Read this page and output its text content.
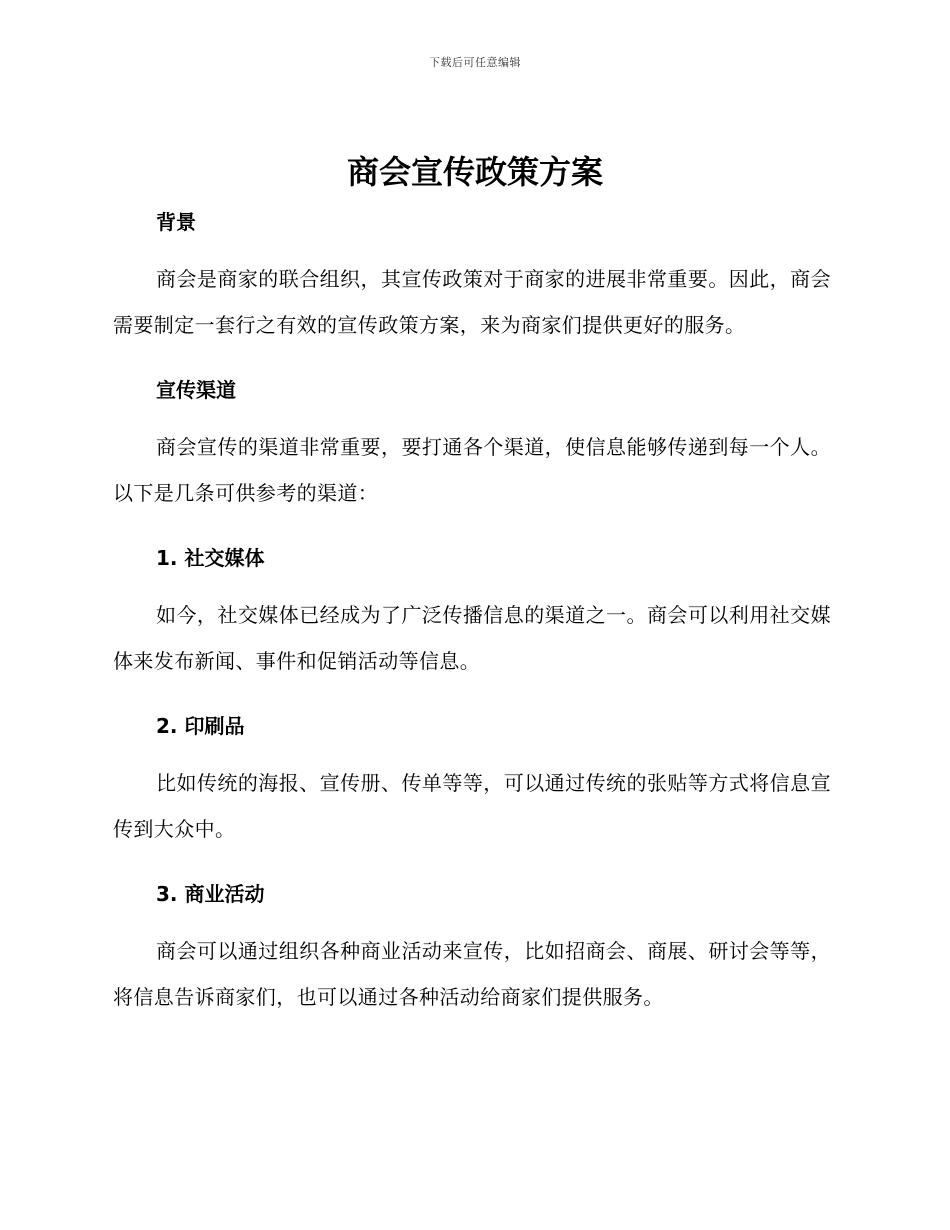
下载后可任意编辑
商会宣传政策方案
背景

商会是商家的联合组织，其宣传政策对于商家的进展非常重要。因此，商会需要制定一套行之有效的宣传政策方案，来为商家们提供更好的服务。

宣传渠道

商会宣传的渠道非常重要，要打通各个渠道，使信息能够传递到每一个人。以下是几条可供参考的渠道：

1. 社交媒体

如今，社交媒体已经成为了广泛传播信息的渠道之一。商会可以利用社交媒体来发布新闻、事件和促销活动等信息。

2. 印刷品

比如传统的海报、宣传册、传单等等，可以通过传统的张贴等方式将信息宣传到大众中。

3. 商业活动

商会可以通过组织各种商业活动来宣传，比如招商会、商展、研讨会等等，将信息告诉商家们，也可以通过各种活动给商家们提供服务。
